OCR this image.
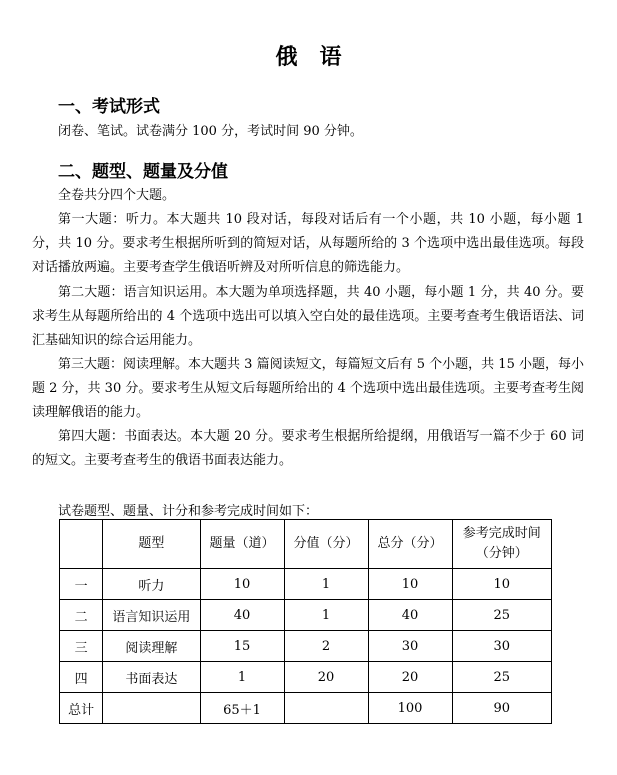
俄语
一、考试形式
闭卷、笔试。试卷满分 100 分，考试时间 90 分钟。
二、题型、题量及分值
全卷共分四个大题。

第一大题：听力。本大题共 10 段对话，每段对话后有一个小题，共 10 小题，每小题 1 分，共 10 分。要求考生根据所听到的简短对话，从每题所给的 3 个选项中选出最佳选项。每段对话播放两遍。主要考查学生俄语听辨及对所听信息的筛选能力。

第二大题：语言知识运用。本大题为单项选择题，共 40 小题，每小题 1 分，共 40 分。要求考生从每题所给出的 4 个选项中选出可以填入空白处的最佳选项。主要考查考生俄语语法、词汇基础知识的综合运用能力。

第三大题：阅读理解。本大题共 3 篇阅读短文，每篇短文后有 5 个小题，共 15 小题，每小题 2 分，共 30 分。要求考生从短文后每题所给出的 4 个选项中选出最佳选项。主要考查考生阅读理解俄语的能力。

第四大题：书面表达。本大题 20 分。要求考生根据所给提纲，用俄语写一篇不少于 60 词的短文。主要考查考生的俄语书面表达能力。

试卷题型、题量、计分和参考完成时间如下：
	题型	题量（道）	分值（分）	总分（分）	参考完成时间
（分钟）

一	听力	10	1	10	10
二	语言知识运用	40	1	40	25
三	阅读理解	15	2	30	30
四	书面表达	1	20	20	25
总计		65＋1		100	90
